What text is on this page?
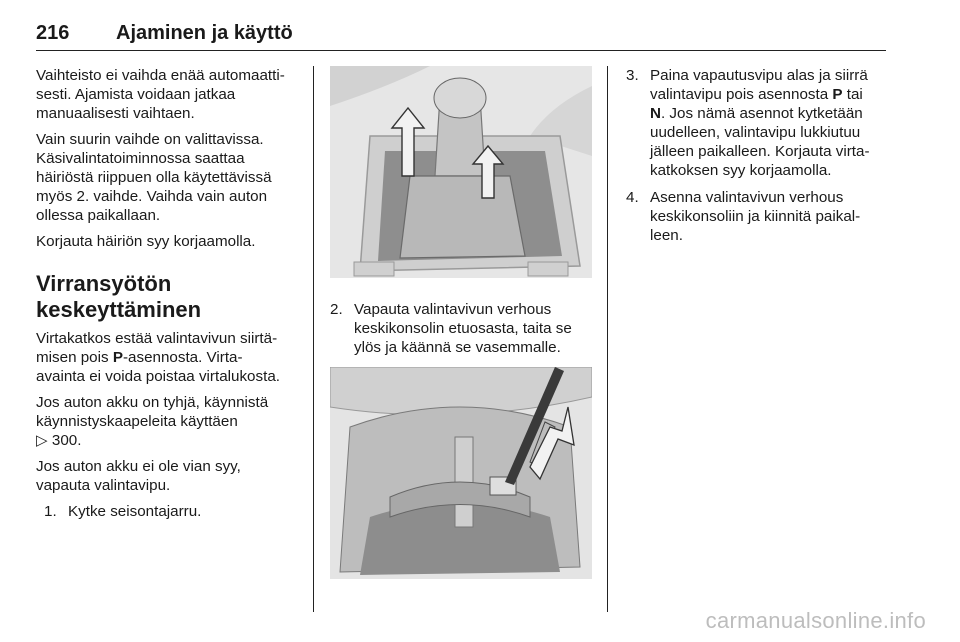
216 Ajaminen ja käyttö

Vaihteisto ei vaihda enää automaatti-
sesti. Ajamista voidaan jatkaa
manuaalisesti vaihtaen.

Vain suurin vaihde on valittavissa.
Käsivalintatoiminnossa saattaa
häiriöstä riippuen olla käytettävissä
myös 2. vaihde. Vaihda vain auton
ollessa paikallaan.

Korjauta häiriön syy korjaamolla.

Virransyötön
keskeyttäminen

Virtakatkos estää valintavivun siirtä-
misen pois P-asennosta. Virta-
avainta ei voida poistaa virtalukosta.

Jos auton akku on tyhjä, käynnistä
käynnistyskaapeleita käyttäen
▷ 300.

Jos auton akku ei ole vian syy,
vapauta valintavipu.

1. Kytke seisontajarru.
2. Vapauta valintavivun verhous
keskikonsolin etuosasta, taita se
ylös ja käännä se vasemmalle.
3. Paina vapautusvipu alas ja siirrä
valintavipu pois asennosta P tai
N. Jos nämä asennot kytketään
uudelleen, valintavipu lukkiutuu
jälleen paikalleen. Korjauta virta-
katkoksen syy korjaamolla.
4. Asenna valintavivun verhous
keskikonsoliin ja kiinnitä paikal-
leen.
carmanualsonline.info
